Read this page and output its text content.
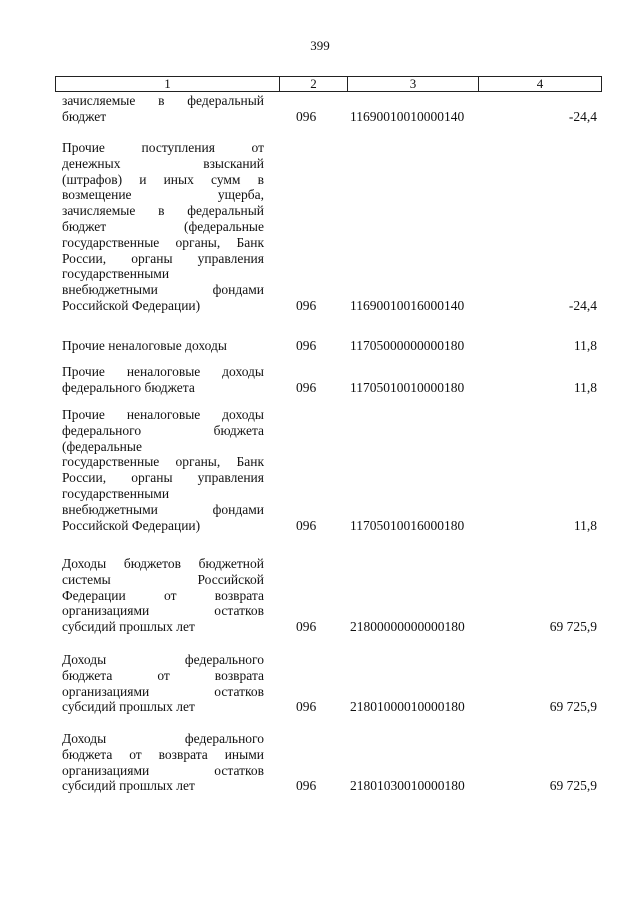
399
1	2	3	4
зачисляемые в федеральный
бюджет	096	11690010010000140	-24,4
Прочие поступления от
денежных взысканий
(штрафов) и иных сумм в
возмещение ущерба,
зачисляемые в федеральный
бюджет (федеральные
государственные органы, Банк
России, органы управления
государственными
внебюджетными фондами
Российской Федерации)	096	11690010016000140	-24,4
Прочие неналоговые доходы	096	11705000000000180	11,8
Прочие неналоговые доходы
федерального бюджета	096	11705010010000180	11,8
Прочие неналоговые доходы
федерального бюджета
(федеральные
государственные органы, Банк
России, органы управления
государственными
внебюджетными фондами
Российской Федерации)	096	11705010016000180	11,8
Доходы бюджетов бюджетной
системы Российской
Федерации от возврата
организациями остатков
субсидий прошлых лет	096	21800000000000180	69 725,9
Доходы федерального
бюджета от возврата
организациями остатков
субсидий прошлых лет	096	21801000010000180	69 725,9
Доходы федерального
бюджета от возврата иными
организациями остатков
субсидий прошлых лет	096	21801030010000180	69 725,9
